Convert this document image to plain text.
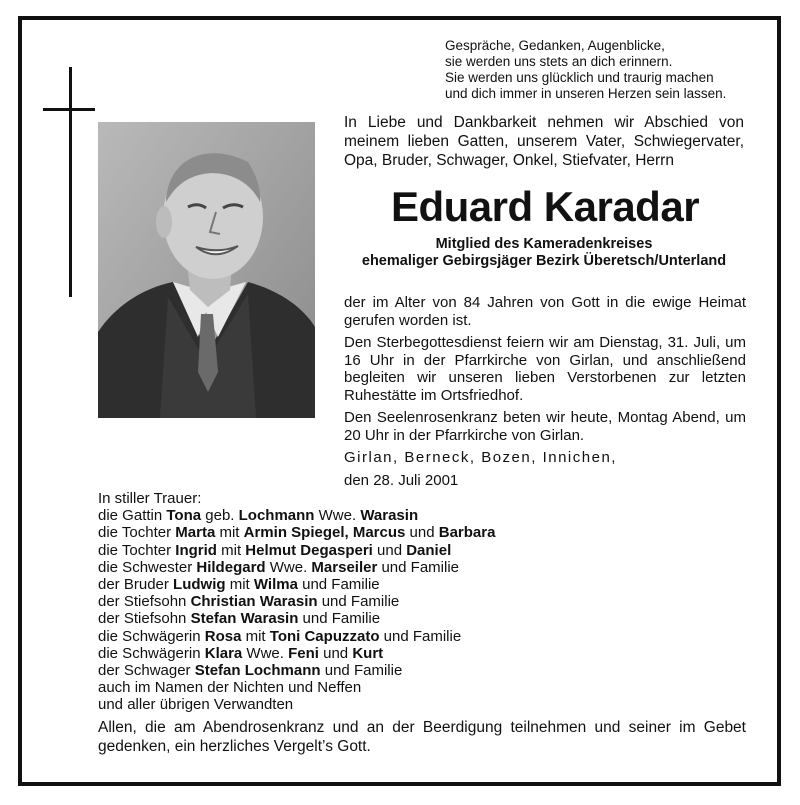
Gespräche, Gedanken, Augenblicke,
sie werden uns stets an dich erinnern.
Sie werden uns glücklich und traurig machen
und dich immer in unseren Herzen sein lassen.
In Liebe und Dankbarkeit nehmen wir Abschied von
meinem lieben Gatten, unserem Vater, Schwiegervater,
Opa, Bruder, Schwager, Onkel, Stiefvater, Herrn
Eduard Karadar
Mitglied des Kameradenkreises
ehemaliger Gebirgsjäger Bezirk Überetsch/Unterland

der im Alter von 84 Jahren von Gott in die ewige Heimat gerufen worden ist.

Den Sterbegottesdienst feiern wir am Dienstag, 31. Juli, um 16 Uhr in der Pfarrkirche von Girlan, und anschließend begleiten wir unseren lieben Verstorbenen zur letzten Ruhestätte im Ortsfriedhof.

Den Seelenrosenkranz beten wir heute, Montag Abend, um 20 Uhr in der Pfarrkirche von Girlan.

Girlan, Berneck, Bozen, Innichen,

den 28. Juli 2001

In stiller Trauer:
die Gattin Tona geb. Lochmann Wwe. Warasin
die Tochter Marta mit Armin Spiegel, Marcus und Barbara
die Tochter Ingrid mit Helmut Degasperi und Daniel
die Schwester Hildegard Wwe. Marseiler und Familie
der Bruder Ludwig mit Wilma und Familie
der Stiefsohn Christian Warasin und Familie
der Stiefsohn Stefan Warasin und Familie
die Schwägerin Rosa mit Toni Capuzzato und Familie
die Schwägerin Klara Wwe. Feni und Kurt
der Schwager Stefan Lochmann und Familie
auch im Namen der Nichten und Neffen
und aller übrigen Verwandten
Allen, die am Abendrosenkranz und an der Beerdigung teilnehmen und seiner im Gebet gedenken, ein herzliches Vergelt’s Gott.
